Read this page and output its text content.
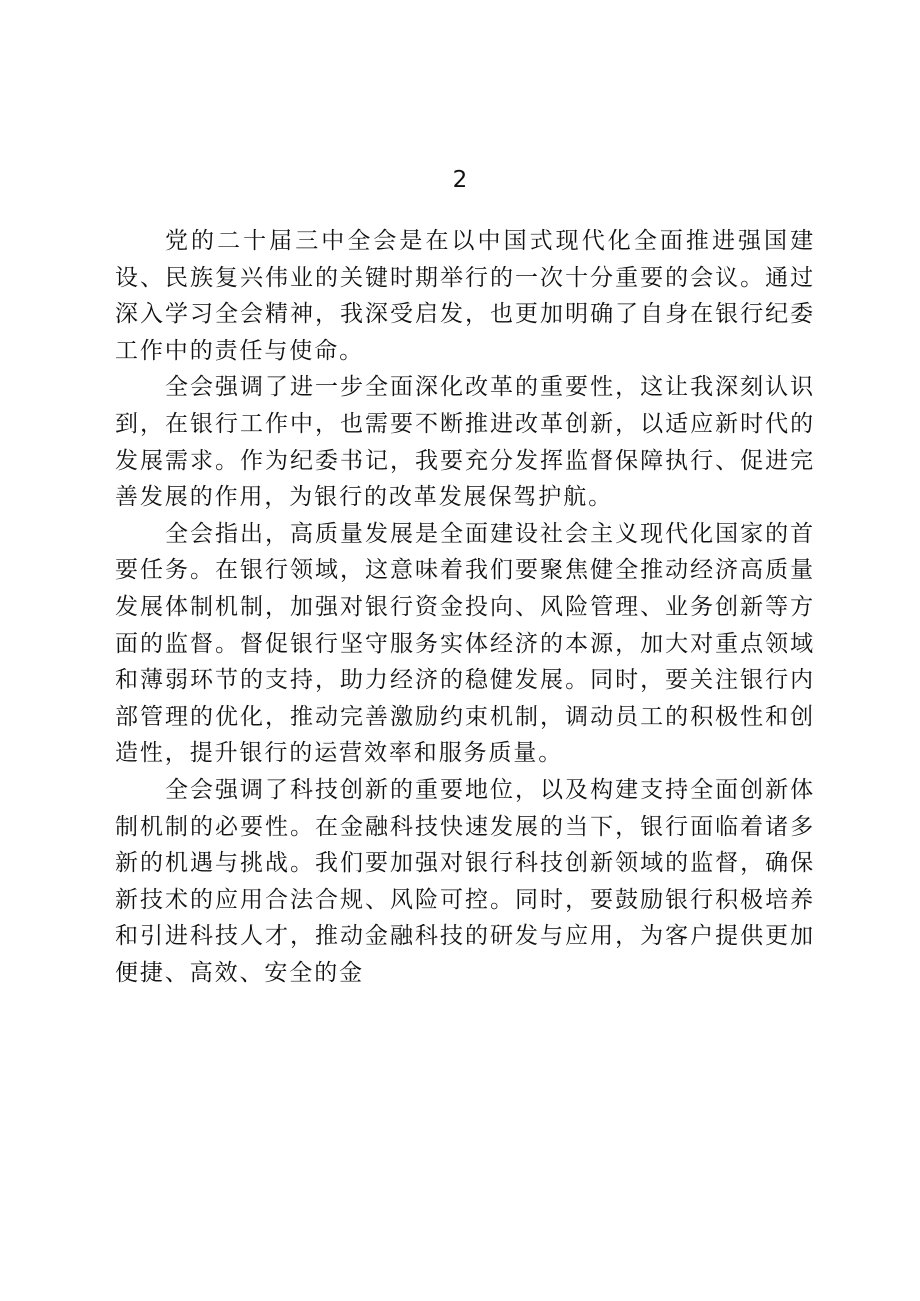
2

党的二十届三中全会是在以中国式现代化全面推进强国建设、民族复兴伟业的关键时期举行的一次十分重要的会议。通过深入学习全会精神，我深受启发，也更加明确了自身在银行纪委工作中的责任与使命。

全会强调了进一步全面深化改革的重要性，这让我深刻认识到，在银行工作中，也需要不断推进改革创新，以适应新时代的发展需求。作为纪委书记，我要充分发挥监督保障执行、促进完善发展的作用，为银行的改革发展保驾护航。

全会指出，高质量发展是全面建设社会主义现代化国家的首要任务。在银行领域，这意味着我们要聚焦健全推动经济高质量发展体制机制，加强对银行资金投向、风险管理、业务创新等方面的监督。督促银行坚守服务实体经济的本源，加大对重点领域和薄弱环节的支持，助力经济的稳健发展。同时，要关注银行内部管理的优化，推动完善激励约束机制，调动员工的积极性和创造性，提升银行的运营效率和服务质量。

全会强调了科技创新的重要地位，以及构建支持全面创新体制机制的必要性。在金融科技快速发展的当下，银行面临着诸多新的机遇与挑战。我们要加强对银行科技创新领域的监督，确保新技术的应用合法合规、风险可控。同时，要鼓励银行积极培养和引进科技人才，推动金融科技的研发与应用，为客户提供更加便捷、高效、安全的金
